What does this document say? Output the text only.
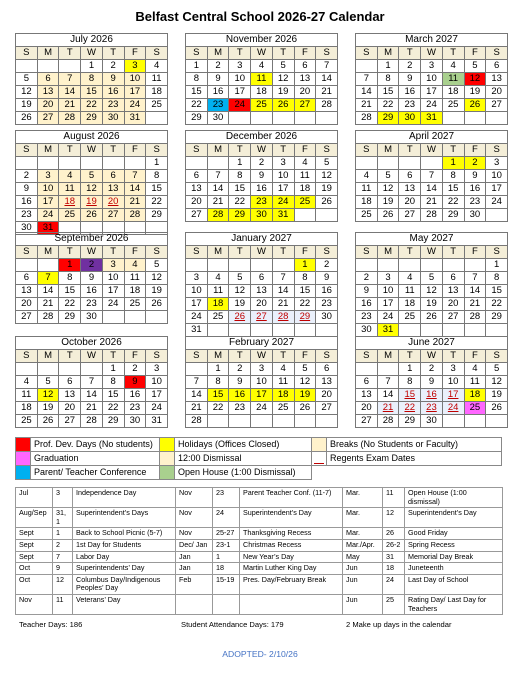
Belfast Central School 2026-27 Calendar
July 2026						
S	M	T	W	T	F	S
			1	2	3	4
5	6	7	8	9	10	11
12	13	14	15	16	17	18
19	20	21	22	23	24	25
26	27	28	29	30	31	
August 2026						
S	M	T	W	T	F	S
						1
2	3	4	5	6	7	8
9	10	11	12	13	14	15
16	17	18	19	20	21	22
23	24	25	26	27	28	29
30	31					
September 2026						
S	M	T	W	T	F	S
		1	2	3	4	5
6	7	8	9	10	11	12
13	14	15	16	17	18	19
20	21	22	23	24	25	26
27	28	29	30			
October 2026						
S	M	T	W	T	F	S
				1	2	3
4	5	6	7	8	9	10
11	12	13	14	15	16	17
18	19	20	21	22	23	24
25	26	27	28	29	30	31
November 2026						
S	M	T	W	T	F	S
1	2	3	4	5	6	7
8	9	10	11	12	13	14
15	16	17	18	19	20	21
22	23	24	25	26	27	28
29	30					
December 2026						
S	M	T	W	T	F	S
		1	2	3	4	5
6	7	8	9	10	11	12
13	14	15	16	17	18	19
20	21	22	23	24	25	26
27	28	29	30	31		
January 2027						
S	M	T	W	T	F	S
					1	2
3	4	5	6	7	8	9
10	11	12	13	14	15	16
17	18	19	20	21	22	23
24	25	26	27	28	29	30
31						
February 2027						
S	M	T	W	T	F	S
	1	2	3	4	5	6
7	8	9	10	11	12	13
14	15	16	17	18	19	20
21	22	23	24	25	26	27
28						
March 2027						
S	M	T	W	T	F	S
	1	2	3	4	5	6
7	8	9	10	11	12	13
14	15	16	17	18	19	20
21	22	23	24	25	26	27
28	29	30	31			
April 2027						
S	M	T	W	T	F	S
				1	2	3
4	5	6	7	8	9	10
11	12	13	14	15	16	17
18	19	20	21	22	23	24
25	26	27	28	29	30	
May 2027						
S	M	T	W	T	F	S
						1
2	3	4	5	6	7	8
9	10	11	12	13	14	15
16	17	18	19	20	21	22
23	24	25	26	27	28	29
30	31					
June 2027						
S	M	T	W	T	F	S
		1	2	3	4	5
6	7	8	9	10	11	12
13	14	15	16	17	18	19
20	21	22	23	24	25	26
27	28	29	30			
	Prof. Dev. Days (No students)		Holidays (Offices Closed)		Breaks (No Students or Faculty)
	Graduation		12:00 Dismissal		Regents Exam Dates
	Parent/ Teacher Conference		Open House (1:00 Dismissal)		
Jul	3	Independence Day	Nov	23	Parent Teacher Conf. (11-7)	Mar.	11	Open House (1:00 dismissal)
Aug/Sep	31, 1	Superintendent’s Days	Nov	24	Superintendent’s Day	Mar.	12	Superintendent’s Day
Sept	1	Back to School Picnic (5-7)	Nov	25-27	Thanksgiving Recess	Mar.	26	Good Friday
Sept	2	1st Day for Students	Dec/ Jan	23-1	Christmas Recess	Mar./Apr.	26-2	Spring Recess
Sept	7	Labor Day	Jan	1	New Year’s Day	May	31	Memorial Day Break
Oct	9	Superintendents’ Day	Jan	18	Martin Luther King Day	Jun	18	Juneteenth
Oct	12	Columbus Day/Indigenous Peoples’ Day	Feb	15-19	Pres. Day/February Break	Jun	24	Last Day of School
Nov	11	Veterans’ Day				Jun	25	Rating Day/ Last Day for Teachers
Teacher Days: 186	Student Attendance Days: 179	2 Make up days in the calendar
ADOPTED- 2/10/26
